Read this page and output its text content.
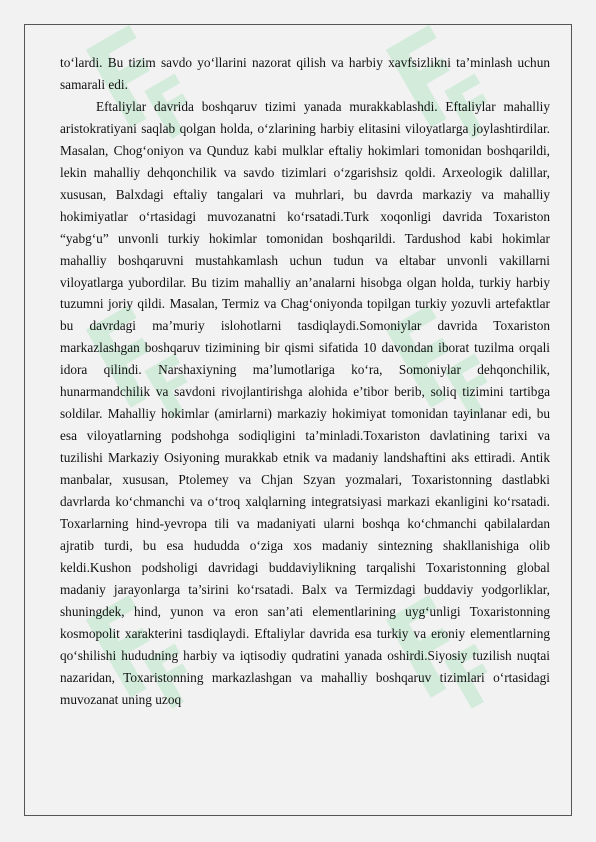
to‘lardi. Bu tizim savdo yo‘llarini nazorat qilish va harbiy xavfsizlikni ta’minlash uchun samarali edi.

Eftaliylar davrida boshqaruv tizimi yanada murakkablashdi. Eftaliylar mahalliy aristokratiyani saqlab qolgan holda, o‘zlarining harbiy elitasini viloyatlarga joylashtirdilar. Masalan, Chog‘oniyon va Qunduz kabi mulklar eftaliy hokimlari tomonidan boshqarildi, lekin mahalliy dehqonchilik va savdo tizimlari o‘zgarishsiz qoldi. Arxeologik dalillar, xususan, Balxdagi eftaliy tangalari va muhrlari, bu davrda markaziy va mahalliy hokimiyatlar o‘rtasidagi muvozanatni ko‘rsatadi.Turk xoqonligi davrida Toxariston “yabg‘u” unvonli turkiy hokimlar tomonidan boshqarildi. Tardushod kabi hokimlar mahalliy boshqaruvni mustahkamlash uchun tudun va eltabar unvonli vakillarni viloyatlarga yubordilar. Bu tizim mahalliy an’analarni hisobga olgan holda, turkiy harbiy tuzumni joriy qildi. Masalan, Termiz va Chag‘oniyonda topilgan turkiy yozuvli artefaktlar bu davrdagi ma’muriy islohotlarni tasdiqlaydi.Somoniylar davrida Toxariston markazlashgan boshqaruv tizimining bir qismi sifatida 10 davondan iborat tuzilma orqali idora qilindi. Narshaxiyning ma’lumotlariga ko‘ra, Somoniylar dehqonchilik, hunarmandchilik va savdoni rivojlantirishga alohida e’tibor berib, soliq tizimini tartibga soldilar. Mahalliy hokimlar (amirlarni) markaziy hokimiyat tomonidan tayinlanar edi, bu esa viloyatlarning podshohga sodiqligini ta’minladi.Toxariston davlatining tarixi va tuzilishi Markaziy Osiyoning murakkab etnik va madaniy landshaftini aks ettiradi. Antik manbalar, xususan, Ptolemey va Chjan Szyan yozmalari, Toxaristonning dastlabki davrlarda ko‘chmanchi va o‘troq xalqlarning integratsiyasi markazi ekanligini ko‘rsatadi. Toxarlarning hind-yevropa tili va madaniyati ularni boshqa ko‘chmanchi qabilalardan ajratib turdi, bu esa hududda o‘ziga xos madaniy sintezning shakllanishiga olib keldi.Kushon podsholigi davridagi buddaviylikning tarqalishi Toxaristonning global madaniy jarayonlarga ta’sirini ko‘rsatadi. Balx va Termizdagi buddaviy yodgorliklar, shuningdek, hind, yunon va eron san’ati elementlarining uyg‘unligi Toxaristonning kosmopolit xarakterini tasdiqlaydi. Eftaliylar davrida esa turkiy va eroniy elementlarning qo‘shilishi hududning harbiy va iqtisodiy qudratini yanada oshirdi.Siyosiy tuzilish nuqtai nazaridan, Toxaristonning markazlashgan va mahalliy boshqaruv tizimlari o‘rtasidagi muvozanat uning uzoq
